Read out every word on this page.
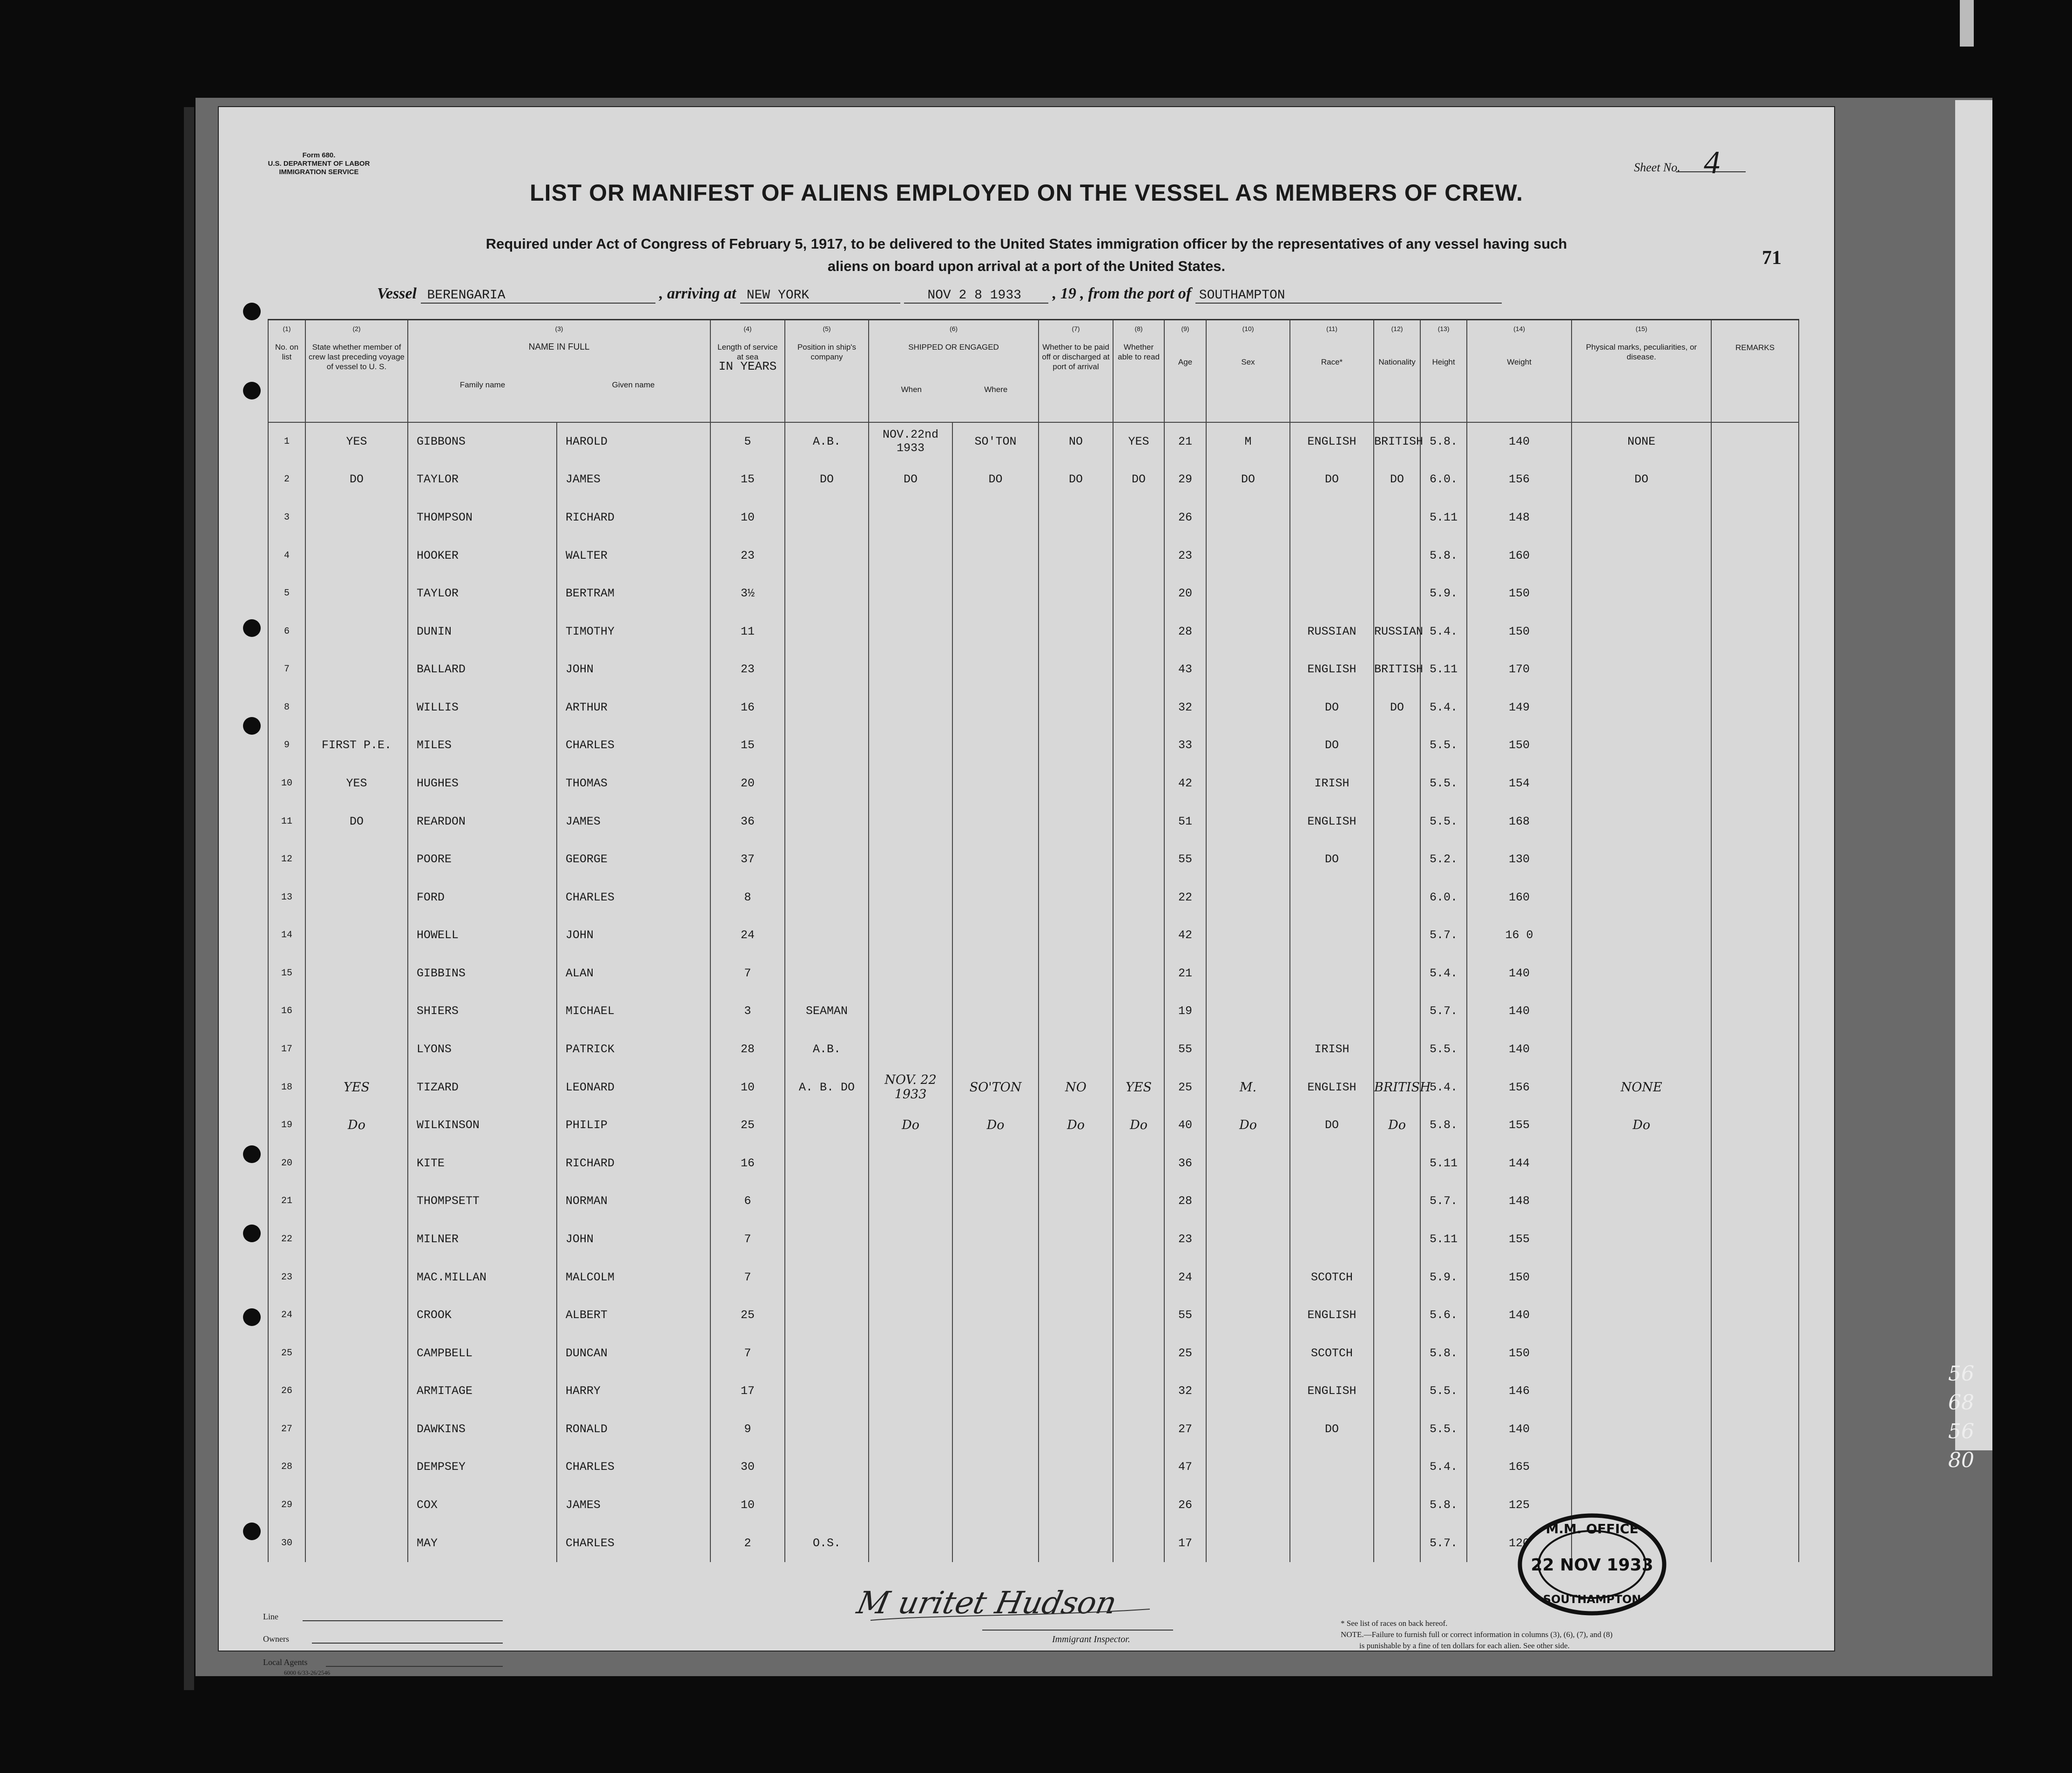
56
68
56
80
Form 680.
U.S. DEPARTMENT OF LABOR
IMMIGRATION SERVICE	Sheet No. 4
LIST OR MANIFEST OF ALIENS EMPLOYED ON THE VESSEL AS MEMBERS OF CREW.
Required under Act of Congress of February 5, 1917, to be delivered to the United States immigration officer by the representatives of any vessel having such
aliens on board upon arrival at a port of the United States.	71
Vessel BERENGARIA	, arriving at NEW YORK	NOV 2 8 1933 , 19 , from the port of SOUTHAMPTON
(1)
No. on list	(2)
State whether member of crew last preceding voyage of vessel to U. S.	(3)
NAME IN FULL
Family name Given name		(4)
Length of service at sea
IN YEARS	(5)
Position in ship's company	(6)
SHIPPED OR ENGAGED
When Where		(7)
Whether to be paid off or discharged at port of arrival	(8)
Whether able to read	(9)
Age	(10)
Sex	(11)
Race*	(12)
Nationality	(13)
Height	(14)
Weight	(15)
Physical marks, peculiarities, or disease.	REMARKS

1	YES	GIBBONS	HAROLD	5	A.B.	NOV.22nd 1933	SO'TON	NO	YES	21	M	ENGLISH	BRITISH	5.8.	140	NONE	
2	DO	TAYLOR	JAMES	15	DO	DO	DO	DO	DO	29	DO	DO	DO	6.0.	156	DO	
3		THOMPSON	RICHARD	10						26				5.11	148		
4		HOOKER	WALTER	23						23				5.8.	160		
5		TAYLOR	BERTRAM	3½						20				5.9.	150		
6		DUNIN	TIMOTHY	11						28		RUSSIAN	RUSSIAN	5.4.	150		
7		BALLARD	JOHN	23						43		ENGLISH	BRITISH	5.11	170		
8		WILLIS	ARTHUR	16						32		DO	DO	5.4.	149		
9	FIRST P.E.	MILES	CHARLES	15						33		DO		5.5.	150		
10	YES	HUGHES	THOMAS	20						42		IRISH		5.5.	154		
11	DO	REARDON	JAMES	36						51		ENGLISH		5.5.	168		
12		POORE	GEORGE	37						55		DO		5.2.	130		
13		FORD	CHARLES	8						22				6.0.	160		
14		HOWELL	JOHN	24						42				5.7.	16 0		
15		GIBBINS	ALAN	7						21				5.4.	140		
16		SHIERS	MICHAEL	3	SEAMAN					19				5.7.	140		
17		LYONS	PATRICK	28	A.B.					55		IRISH		5.5.	140		
18	YES	TIZARD	LEONARD	10	A. B. DO	NOV. 22 1933	SO'TON	NO	YES	25	M.	ENGLISH	BRITISH	5.4.	156	NONE	
19	Do	WILKINSON	PHILIP	25		Do	Do	Do	Do	40	Do	DO	Do	5.8.	155	Do	
20		KITE	RICHARD	16						36				5.11	144		
21		THOMPSETT	NORMAN	6						28				5.7.	148		
22		MILNER	JOHN	7						23				5.11	155		
23		MAC.MILLAN	MALCOLM	7						24		SCOTCH		5.9.	150		
24		CROOK	ALBERT	25						55		ENGLISH		5.6.	140		
25		CAMPBELL	DUNCAN	7						25		SCOTCH		5.8.	150		
26		ARMITAGE	HARRY	17						32		ENGLISH		5.5.	146		
27		DAWKINS	RONALD	9						27		DO		5.5.	140		
28		DEMPSEY	CHARLES	30						47				5.4.	165		
29		COX	JAMES	10						26				5.8.	125		
30		MAY	CHARLES	2	O.S.					17				5.7.	120		
Line
Owners
Local Agents
6000 6/33-26/2546
M uritet Hudson
Immigrant Inspector.
* See list of races on back hereof.
NOTE.—Failure to furnish full or correct information in columns (3), (6), (7), and (8)
is punishable by a fine of ten dollars for each alien. See other side.
M.M. OFFICE
22 NOV 1933
SOUTHAMPTON
